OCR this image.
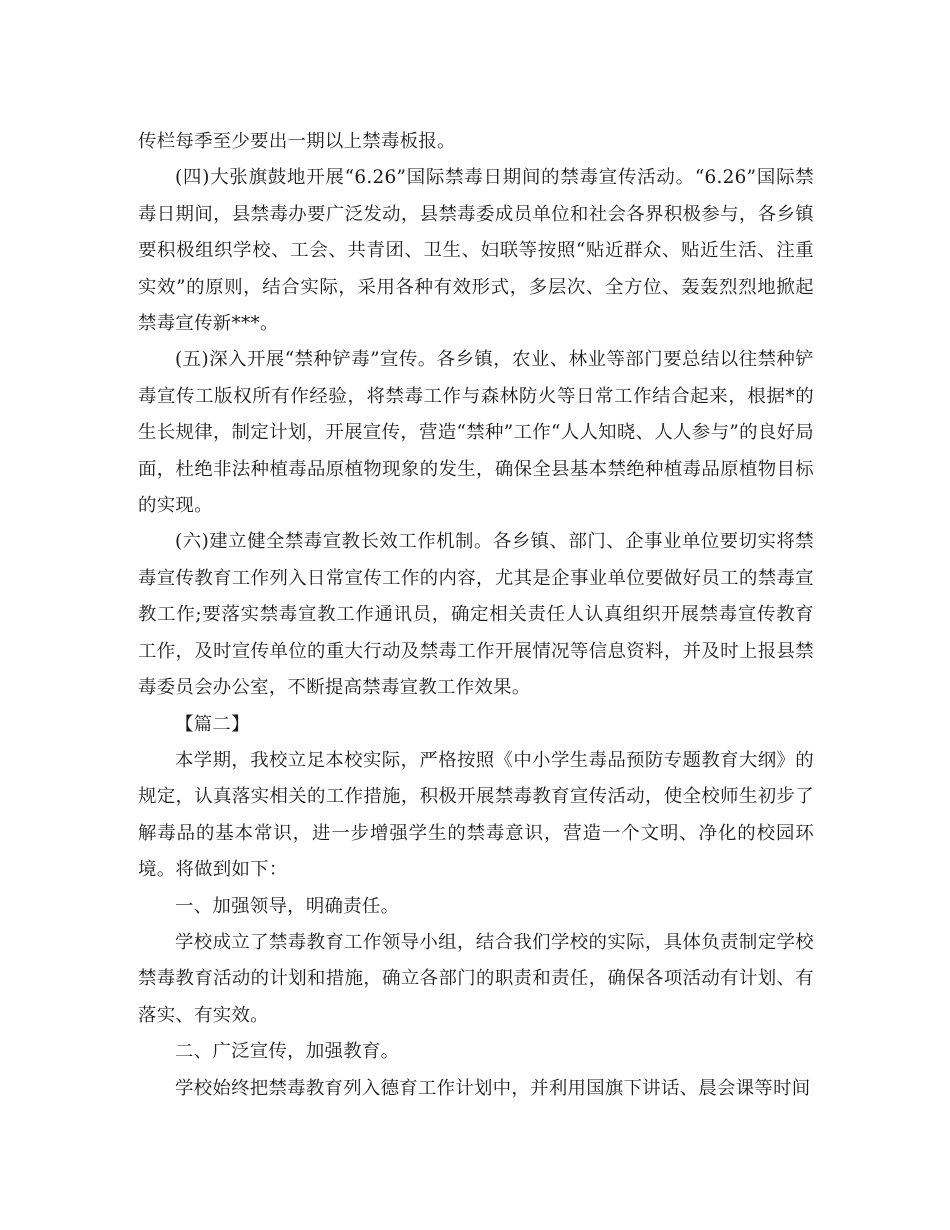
传栏每季至少要出一期以上禁毒板报。

(四)大张旗鼓地开展“6.26”国际禁毒日期间的禁毒宣传活动。“6.26”国际禁毒日期间，县禁毒办要广泛发动，县禁毒委成员单位和社会各界积极参与，各乡镇要积极组织学校、工会、共青团、卫生、妇联等按照“贴近群众、贴近生活、注重实效”的原则，结合实际，采用各种有效形式，多层次、全方位、轰轰烈烈地掀起禁毒宣传新***。

(五)深入开展“禁种铲毒”宣传。各乡镇，农业、林业等部门要总结以往禁种铲毒宣传工版权所有作经验，将禁毒工作与森林防火等日常工作结合起来，根据*的生长规律，制定计划，开展宣传，营造“禁种”工作“人人知晓、人人参与”的良好局面，杜绝非法种植毒品原植物现象的发生，确保全县基本禁绝种植毒品原植物目标的实现。

(六)建立健全禁毒宣教长效工作机制。各乡镇、部门、企事业单位要切实将禁毒宣传教育工作列入日常宣传工作的内容，尤其是企事业单位要做好员工的禁毒宣教工作;要落实禁毒宣教工作通讯员，确定相关责任人认真组织开展禁毒宣传教育工作，及时宣传单位的重大行动及禁毒工作开展情况等信息资料，并及时上报县禁毒委员会办公室，不断提高禁毒宣教工作效果。

【篇二】

本学期，我校立足本校实际，严格按照《中小学生毒品预防专题教育大纲》的规定，认真落实相关的工作措施，积极开展禁毒教育宣传活动，使全校师生初步了解毒品的基本常识，进一步增强学生的禁毒意识，营造一个文明、净化的校园环境。将做到如下：

一、加强领导，明确责任。

学校成立了禁毒教育工作领导小组，结合我们学校的实际，具体负责制定学校禁毒教育活动的计划和措施，确立各部门的职责和责任，确保各项活动有计划、有落实、有实效。

二、广泛宣传，加强教育。

学校始终把禁毒教育列入德育工作计划中，并利用国旗下讲话、晨会课等时间
